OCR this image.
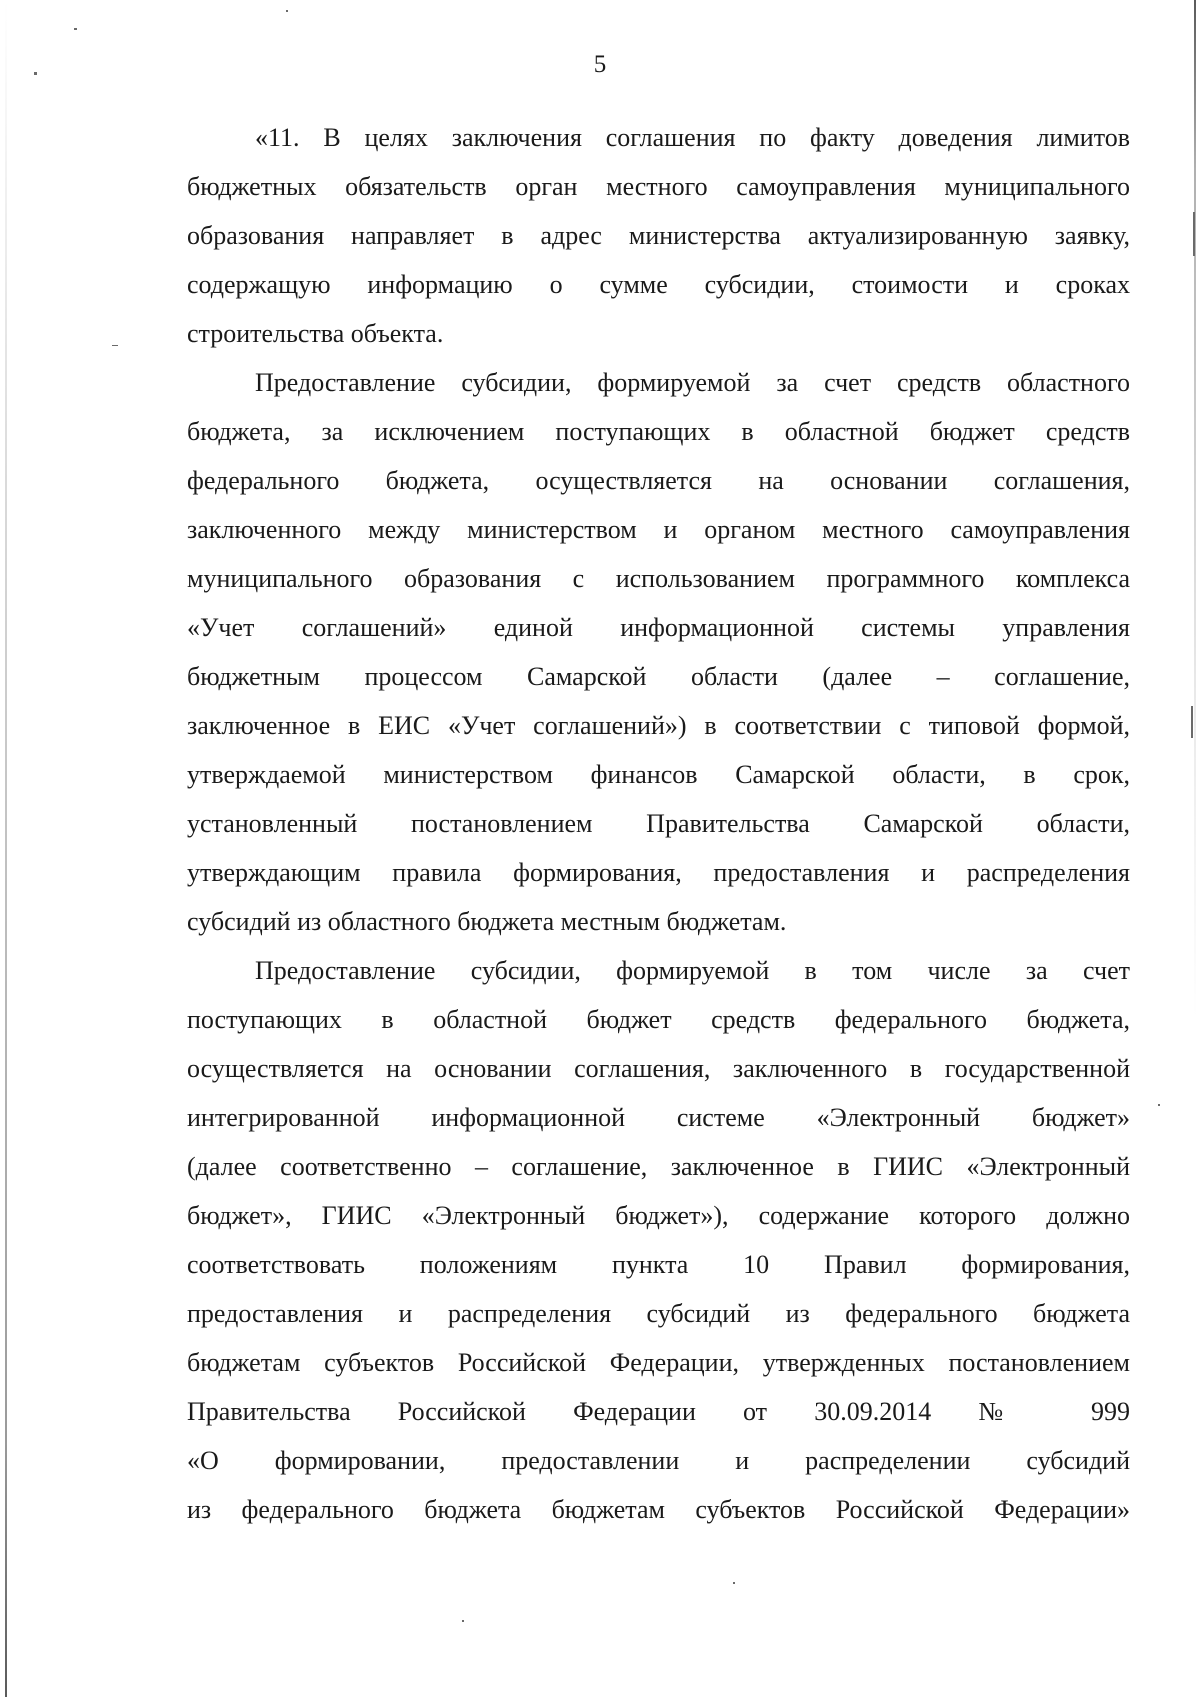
5
«11. В целях заключения соглашения по факту доведения лимитов
бюджетных обязательств орган местного самоуправления муниципального
образования направляет в адрес министерства актуализированную заявку,
содержащую информацию о сумме субсидии, стоимости и сроках
строительства объекта.
Предоставление субсидии, формируемой за счет средств областного
бюджета, за исключением поступающих в областной бюджет средств
федерального бюджета, осуществляется на основании соглашения,
заключенного между министерством и органом местного самоуправления
муниципального образования с использованием программного комплекса
«Учет соглашений» единой информационной системы управления
бюджетным процессом Самарской области (далее – соглашение,
заключенное в ЕИС «Учет соглашений») в соответствии с типовой формой,
утверждаемой министерством финансов Самарской области, в срок,
установленный постановлением Правительства Самарской области,
утверждающим правила формирования, предоставления и распределения
субсидий из областного бюджета местным бюджетам.
Предоставление субсидии, формируемой в том числе за счет
поступающих в областной бюджет средств федерального бюджета,
осуществляется на основании соглашения, заключенного в государственной
интегрированной информационной системе «Электронный бюджет»
(далее соответственно – соглашение, заключенное в ГИИС «Электронный
бюджет», ГИИС «Электронный бюджет»), содержание которого должно
соответствовать положениям пункта 10 Правил формирования,
предоставления и распределения субсидий из федерального бюджета
бюджетам субъектов Российской Федерации, утвержденных постановлением
Правительства Российской Федерации от 30.09.2014 № 999
«О формировании, предоставлении и распределении субсидий
из федерального бюджета бюджетам субъектов Российской Федерации»
